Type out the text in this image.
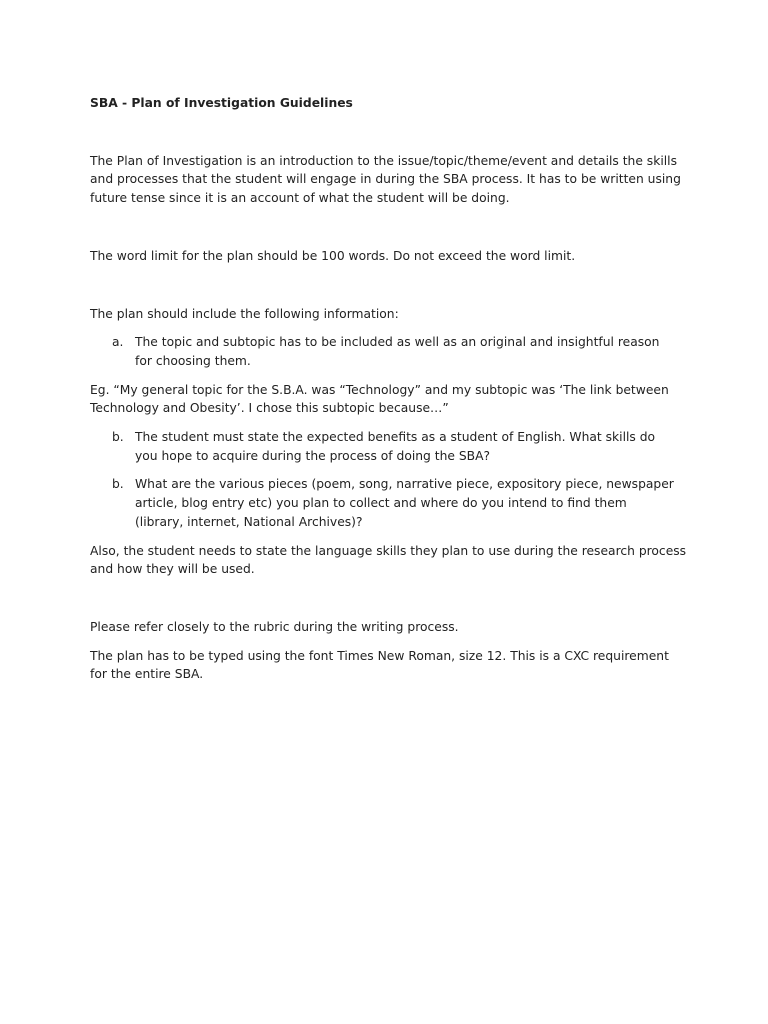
SBA - Plan of Investigation Guidelines

The Plan of Investigation is an introduction to the issue/topic/theme/event and details the skills and processes that the student will engage in during the SBA process. It has to be written using future tense since it is an account of what the student will be doing.

The word limit for the plan should be 100 words. Do not exceed the word limit.

The plan should include the following information:

a. The topic and subtopic has to be included as well as an original and insightful reason for choosing them.

Eg. “My general topic for the S.B.A. was “Technology” and my subtopic was ‘The link between Technology and Obesity’. I chose this subtopic because…”

b. The student must state the expected benefits as a student of English. What skills do you hope to acquire during the process of doing the SBA?
b. What are the various pieces (poem, song, narrative piece, expository piece, newspaper article, blog entry etc) you plan to collect and where do you intend to find them (library, internet, National Archives)?

Also, the student needs to state the language skills they plan to use during the research process and how they will be used.

Please refer closely to the rubric during the writing process.

The plan has to be typed using the font Times New Roman, size 12. This is a CXC requirement for the entire SBA.
